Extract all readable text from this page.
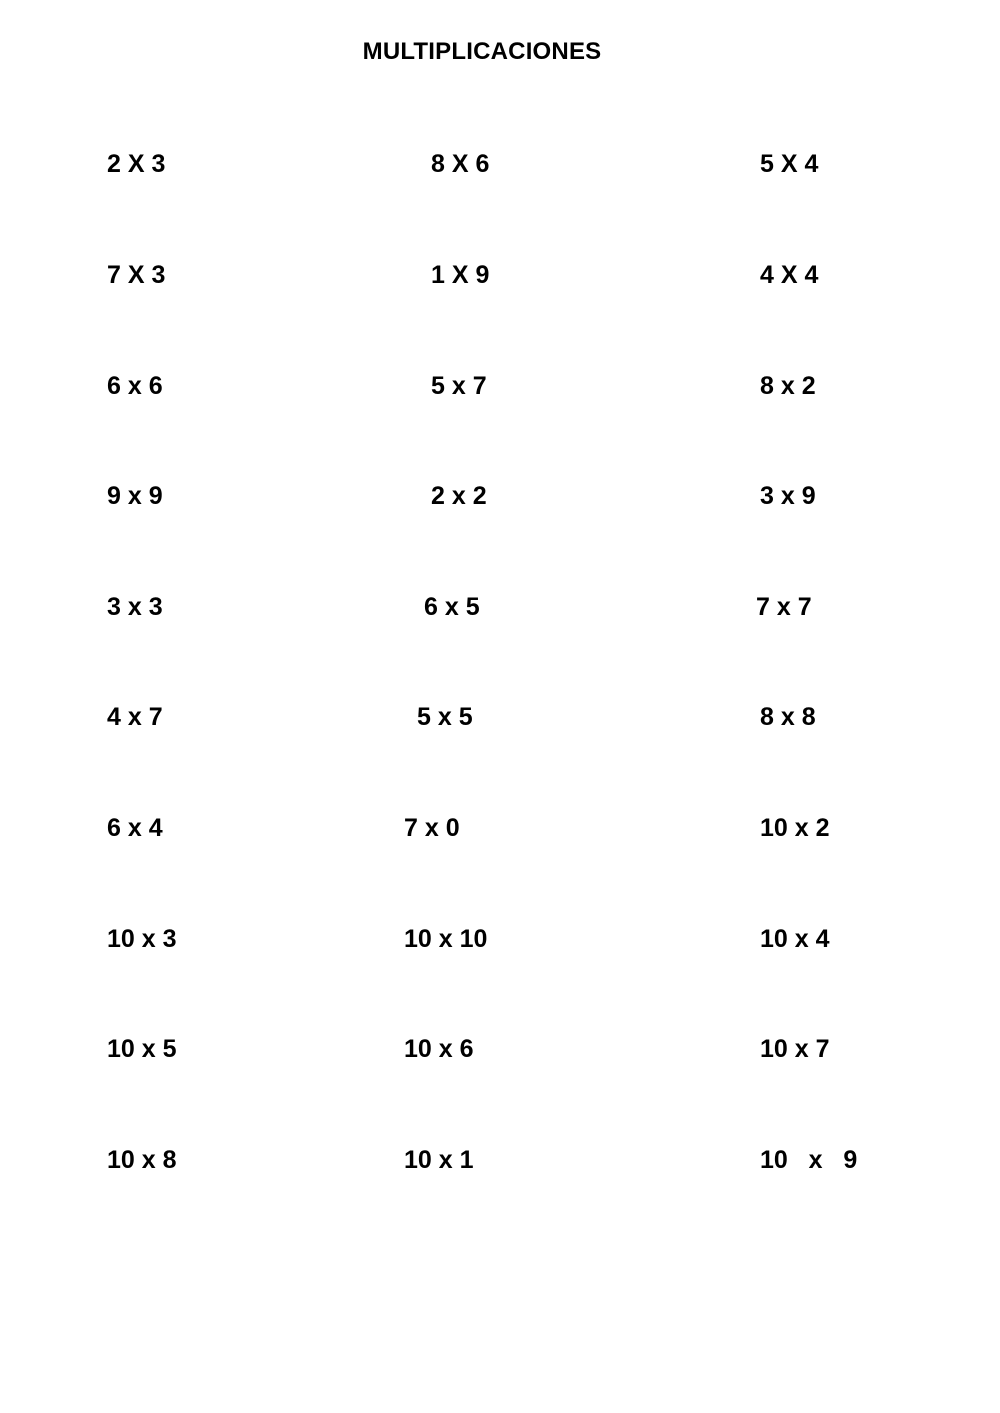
MULTIPLICACIONES
2 X 3	8 X 6	5 X 4
7 X 3	1 X 9	4 X 4
6 x 6	5 x 7	8 x 2
9 x 9	2 x 2	3 x 9
3 x 3	6 x 5	7 x 7
4 x 7	5 x 5	8 x 8
6 x 4	7 x 0	10 x 2
10 x 3	10 x 10	10 x 4
10 x 5	10 x 6	10 x 7
10 x 8	10 x 1	10   x   9
